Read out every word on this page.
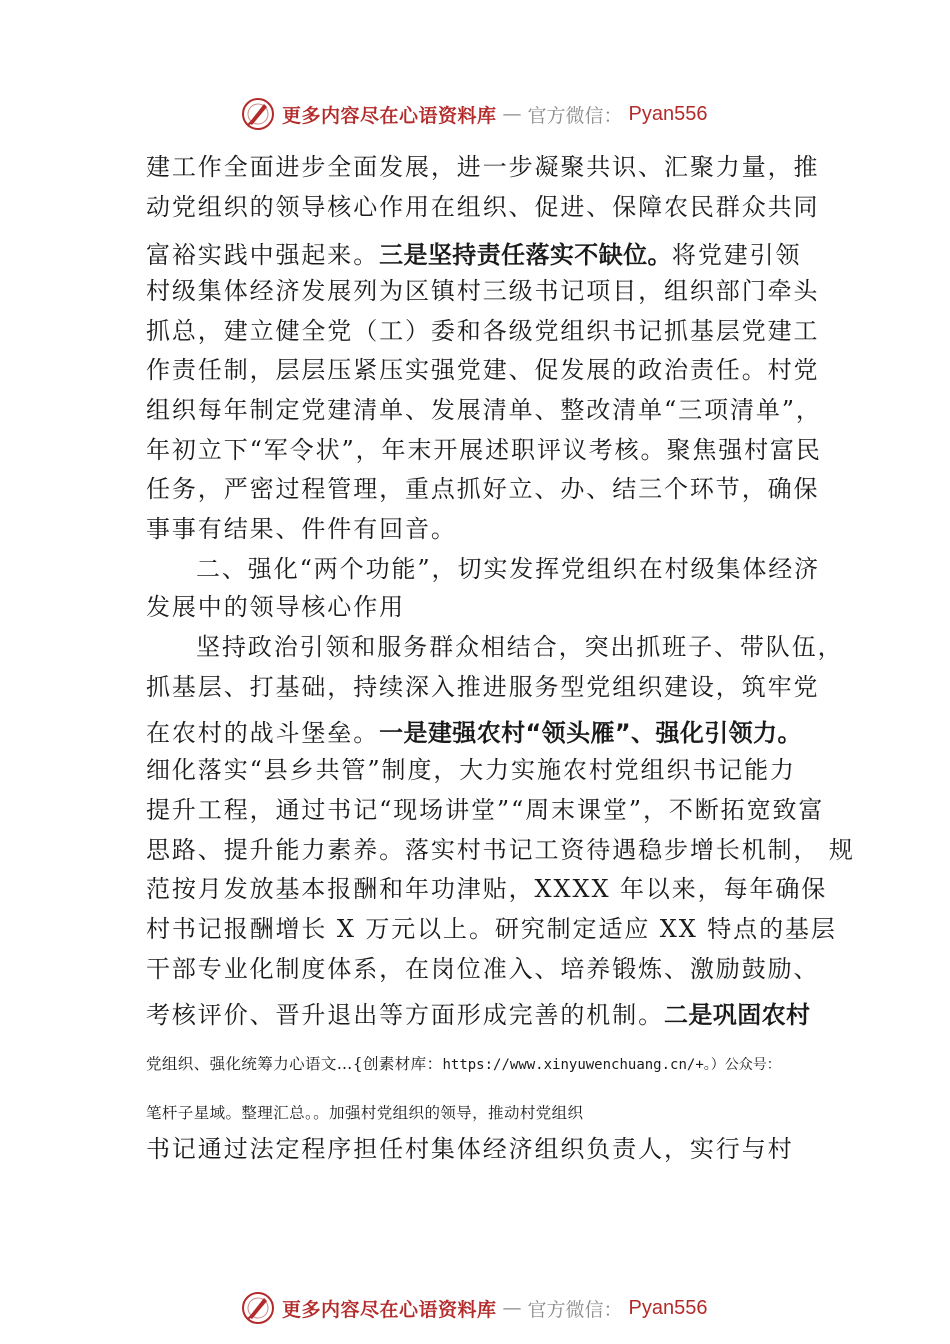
更多内容尽在心语资料库 — 官方微信： Pyan556
建工作全面进步全面发展，进一步凝聚共识、汇聚力量，推
动党组织的领导核心作用在组织、促进、保障农民群众共同
富裕实践中强起来。三是坚持责任落实不缺位。将党建引领
村级集体经济发展列为区镇村三级书记项目，组织部门牵头
抓总，建立健全党（工）委和各级党组织书记抓基层党建工
作责任制，层层压紧压实强党建、促发展的政治责任。村党
组织每年制定党建清单、发展清单、整改清单“三项清单”，
年初立下“军令状”，年末开展述职评议考核。聚焦强村富民
任务，严密过程管理，重点抓好立、办、结三个环节，确保
事事有结果、件件有回音。
二、强化“两个功能”，切实发挥党组织在村级集体经济
发展中的领导核心作用
坚持政治引领和服务群众相结合，突出抓班子、带队伍，
抓基层、打基础，持续深入推进服务型党组织建设，筑牢党
在农村的战斗堡垒。一是建强农村“领头雁”、强化引领力。
细化落实“县乡共管”制度，大力实施农村党组织书记能力
提升工程，通过书记“现场讲堂”“周末课堂”，不断拓宽致富
思路、提升能力素养。落实村书记工资待遇稳步增长机制， 规
范按月发放基本报酬和年功津贴，XXXX 年以来，每年确保
村书记报酬增长 X 万元以上。研究制定适应 XX 特点的基层
干部专业化制度体系，在岗位准入、培养锻炼、激励鼓励、
考核评价、晋升退出等方面形成完善的机制。二是巩固农村
党组织、强化统筹力心语文…{创素材库：https://www.xinyuwenchuang.cn/+。）公众号：
笔杆子星域。整理汇总。。加强村党组织的领导，推动村党组织
书记通过法定程序担任村集体经济组织负责人，实行与村
更多内容尽在心语资料库 — 官方微信： Pyan556
